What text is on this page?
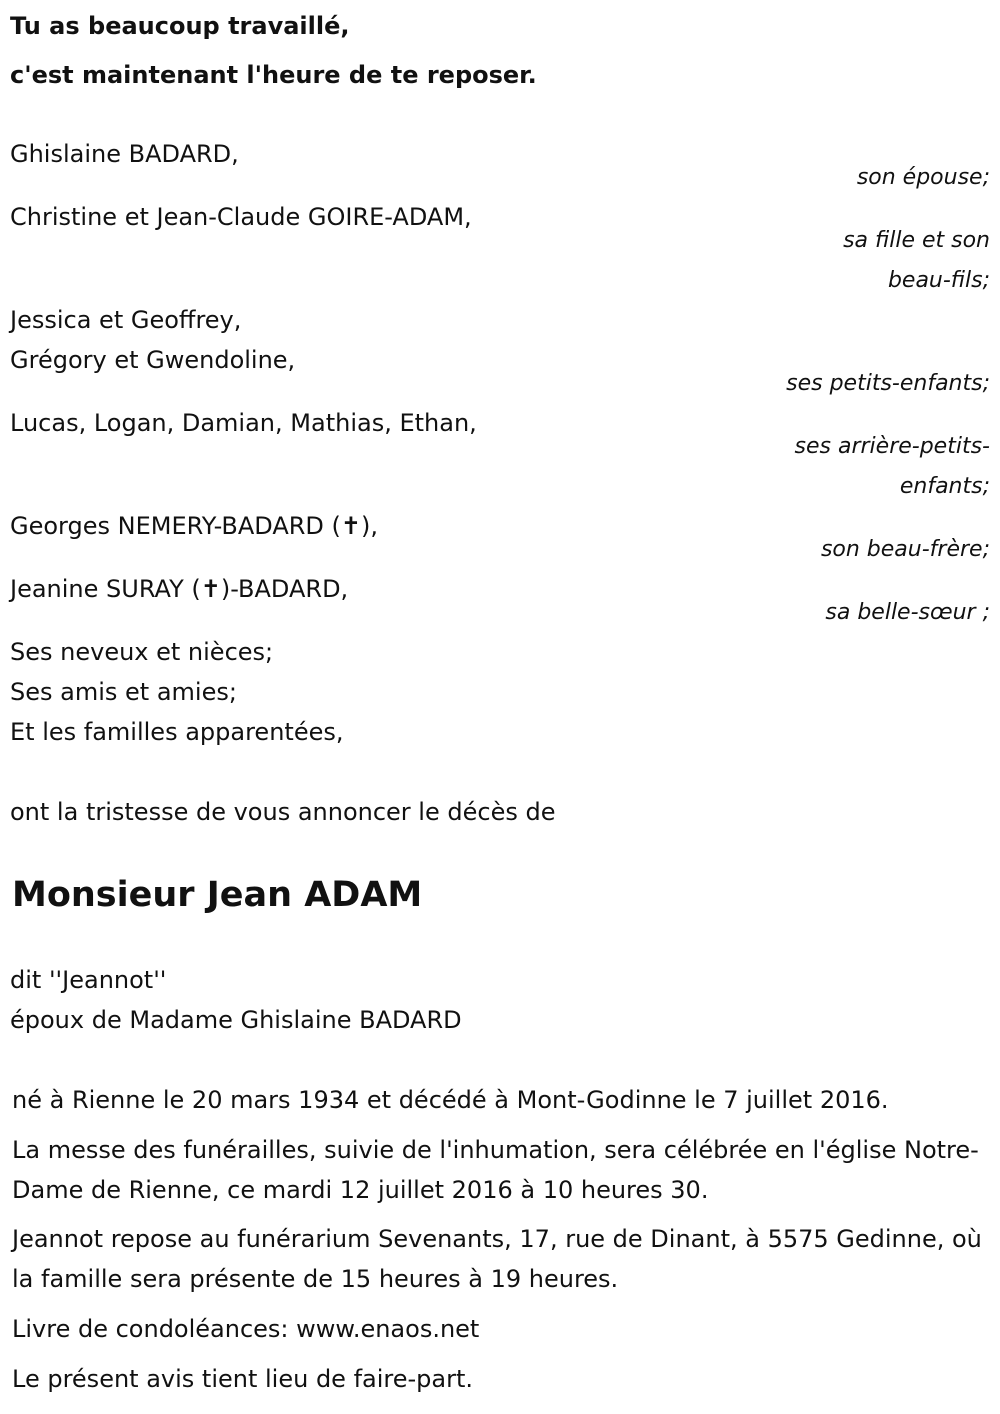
Tu as beaucoup travaillé,
c'est maintenant l'heure de te reposer.
Ghislaine BADARD,
son épouse;
Christine et Jean-Claude GOIRE-ADAM,
sa fille et son
beau-fils;
Jessica et Geoffrey,
Grégory et Gwendoline,
ses petits-enfants;
Lucas, Logan, Damian, Mathias, Ethan,
ses arrière-petits-
enfants;
Georges NEMERY-BADARD (✝),
son beau-frère;
Jeanine SURAY (✝)-BADARD,
sa belle-sœur ;
Ses neveux et nièces;
Ses amis et amies;
Et les familles apparentées,
ont la tristesse de vous annoncer le décès de
Monsieur Jean ADAM
dit ''Jeannot''
époux de Madame Ghislaine BADARD
né à Rienne le 20 mars 1934 et décédé à Mont-Godinne le 7 juillet 2016.
La messe des funérailles, suivie de l'inhumation, sera célébrée en l'église Notre-Dame de Rienne, ce mardi 12 juillet 2016 à 10 heures 30.
Jeannot repose au funérarium Sevenants, 17, rue de Dinant, à 5575 Gedinne, où la famille sera présente de 15 heures à 19 heures.
Livre de condoléances: www.enaos.net
Le présent avis tient lieu de faire-part.
